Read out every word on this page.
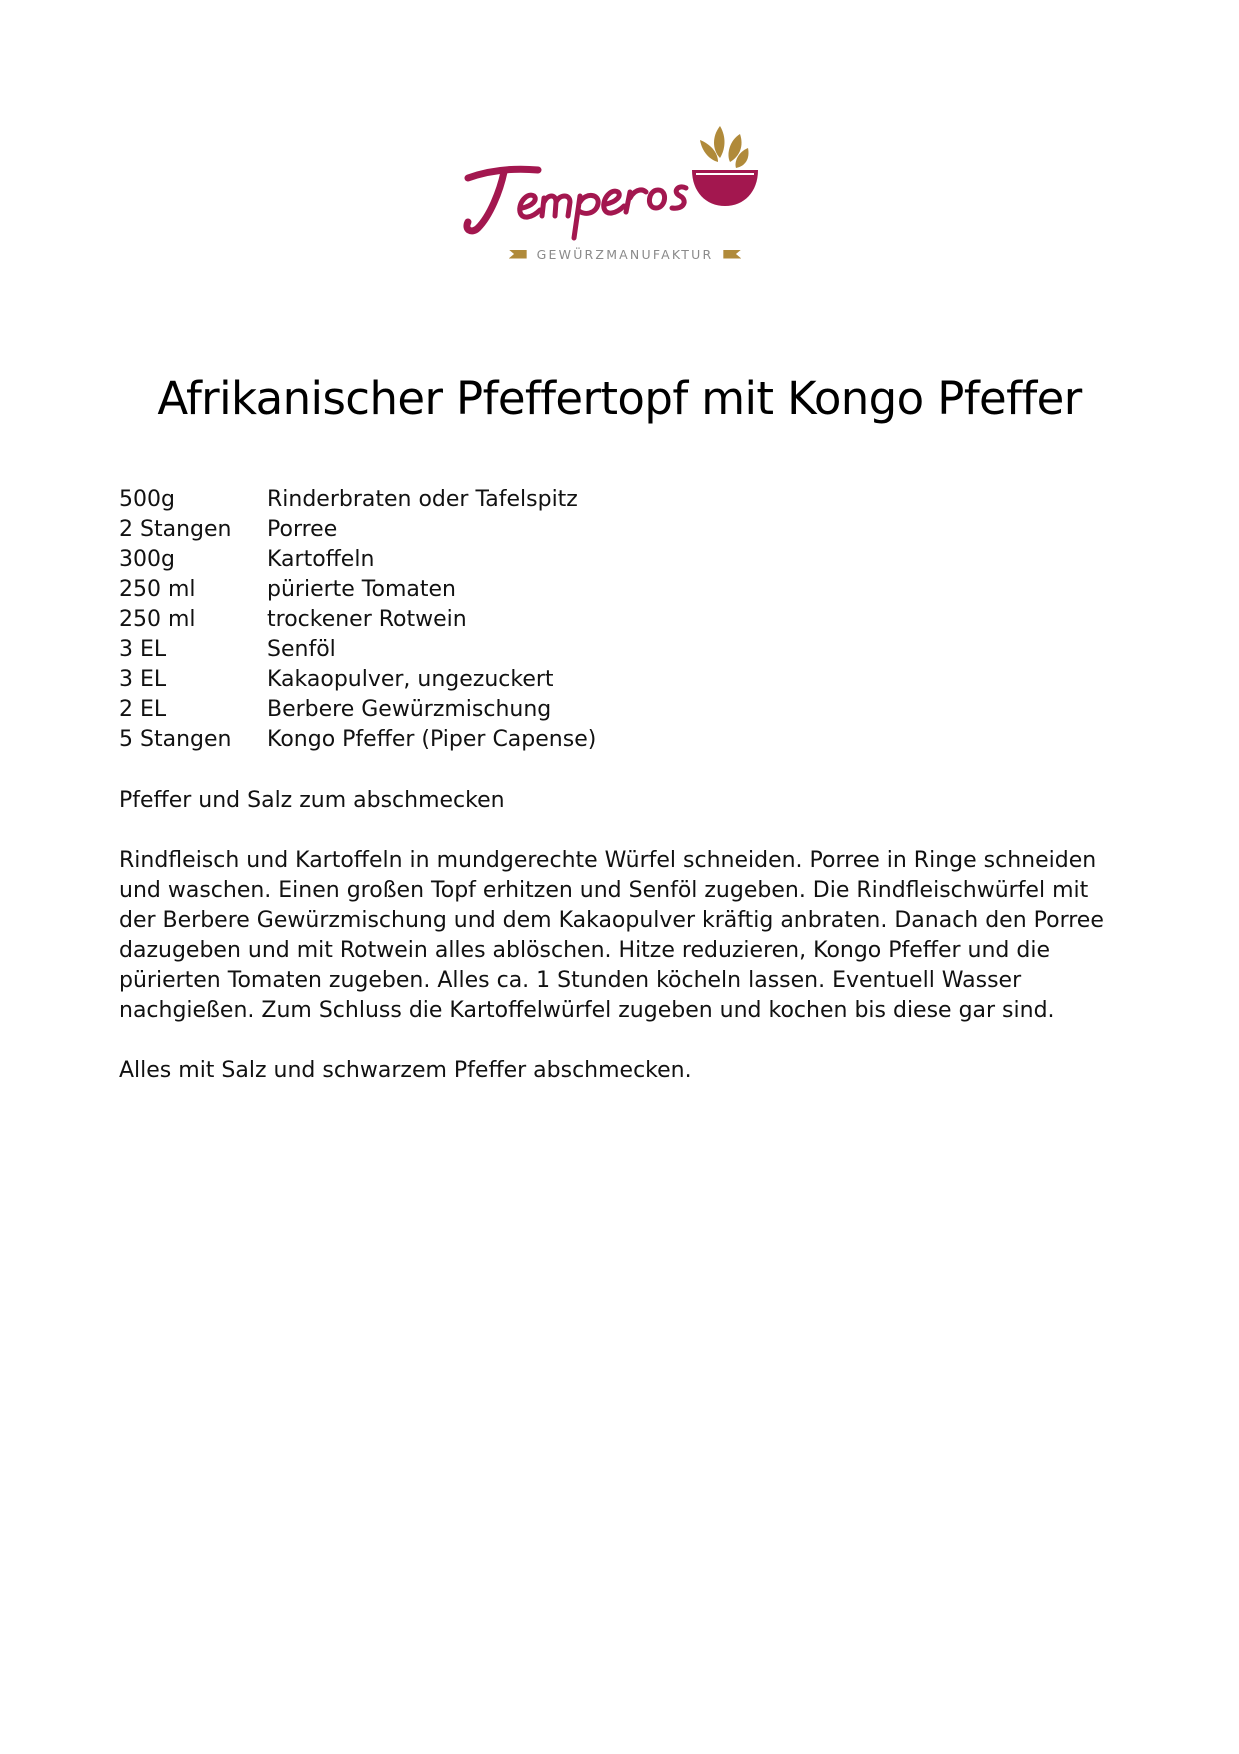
GEWÜRZMANUFAKTUR
Afrikanischer Pfeffertopf mit Kongo Pfeffer
500g	Rinderbraten oder Tafelspitz
2 Stangen	Porree
300g	Kartoffeln
250 ml	pürierte Tomaten
250 ml	trockener Rotwein
3 EL	Senföl
3 EL	Kakaopulver, ungezuckert
2 EL	Berbere Gewürzmischung
5 Stangen	Kongo Pfeffer (Piper Capense)

Pfeffer und Salz zum abschmecken

Rindfleisch und Kartoffeln in mundgerechte Würfel schneiden. Porree in Ringe schneiden und waschen. Einen großen Topf erhitzen und Senföl zugeben. Die Rindfleischwürfel mit der Berbere Gewürzmischung und dem Kakaopulver kräftig anbraten. Danach den Porree dazugeben und mit Rotwein alles ablöschen. Hitze reduzieren, Kongo Pfeffer und die pürierten Tomaten zugeben. Alles ca. 1 Stunden köcheln lassen. Eventuell Wasser nachgießen. Zum Schluss die Kartoffelwürfel zugeben und kochen bis diese gar sind.

Alles mit Salz und schwarzem Pfeffer abschmecken.
